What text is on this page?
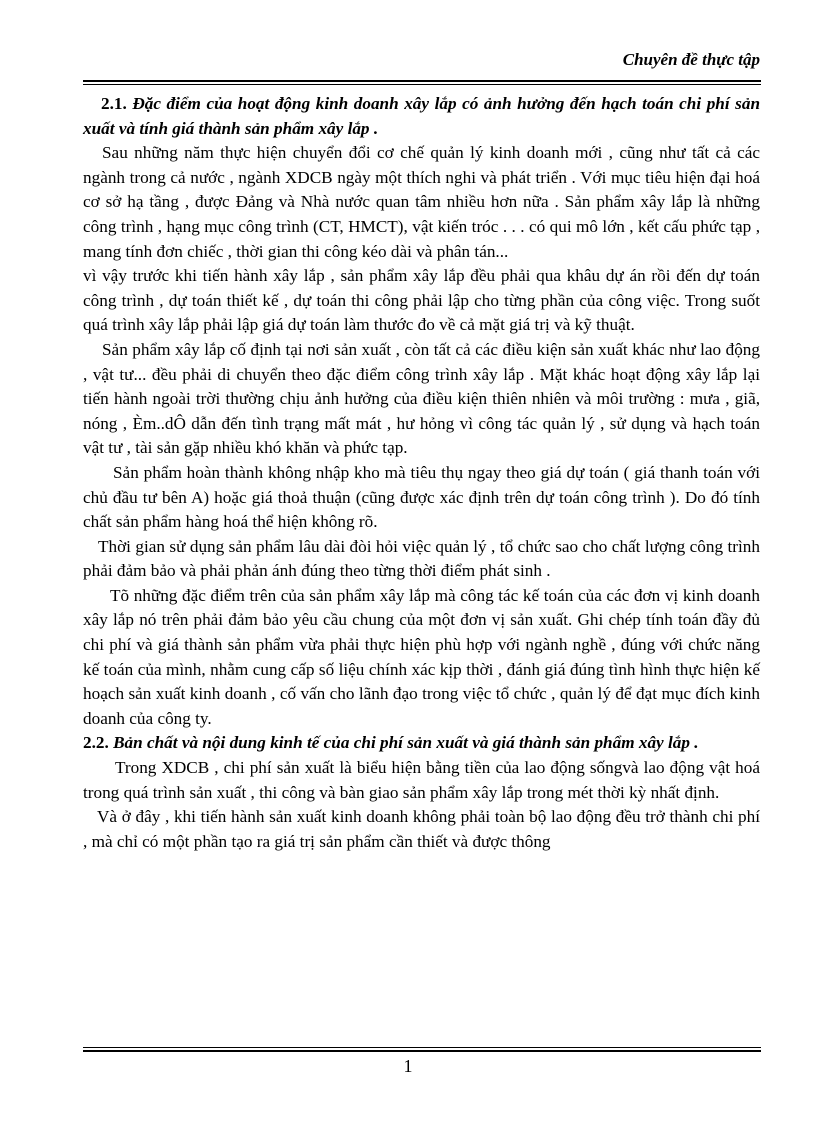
Chuyên đề thực tập

2.1. Đặc điểm của hoạt động kinh doanh xây lắp có ảnh hưởng đến hạch toán chi phí sản xuất và tính giá thành sản phẩm xây lắp .

Sau những năm thực hiện chuyển đổi cơ chế quản lý kinh doanh mới , cũng như tất cả các ngành trong cả nước , ngành XDCB ngày một thích nghi và phát triển . Với mục tiêu hiện đại hoá cơ sở hạ tầng , được Đảng và Nhà nước quan tâm nhiều hơn nữa . Sản phẩm xây lắp là những công trình , hạng mục công trình (CT, HMCT), vật kiến tróc . . . có qui mô lớn , kết cấu phức tạp , mang tính đơn chiếc , thời gian thi công kéo dài và phân tán...

vì vậy trước khi tiến hành xây lắp , sản phẩm xây lắp đều phải qua khâu dự án rồi đến dự toán công trình , dự toán thiết kế , dự toán thi công phải lập cho từng phần của công việc. Trong suốt quá trình xây lắp phải lập giá dự toán làm thước đo về cả mặt giá trị và kỹ thuật.

Sản phẩm xây lắp cố định tại nơi sản xuất , còn tất cả các điều kiện sản xuất khác như lao động , vật tư... đều phải di chuyển theo đặc điểm công trình xây lắp . Mặt khác hoạt động xây lắp lại tiến hành ngoài trời thường chịu ảnh hưởng của điều kiện thiên nhiên và môi trường : mưa , giã, nóng , Èm..dÔ dẫn đến tình trạng mất mát , hư hỏng vì công tác quản lý , sử dụng và hạch toán vật tư , tài sản gặp nhiều khó khăn và phức tạp.

Sản phẩm hoàn thành không nhập kho mà tiêu thụ ngay theo giá dự toán ( giá thanh toán với chủ đầu tư bên A) hoặc giá thoả thuận (cũng được xác định trên dự toán công trình ). Do đó tính chất sản phẩm hàng hoá thể hiện không rõ.

Thời gian sử dụng sản phẩm lâu dài đòi hỏi việc quản lý , tổ chức sao cho chất lượng công trình phải đảm bảo và phải phản ánh đúng theo từng thời điểm phát sinh .

Tõ những đặc điểm trên của sản phẩm xây lắp mà công tác kế toán của các đơn vị kinh doanh xây lắp nó trên phải đảm bảo yêu cầu chung của một đơn vị sản xuất. Ghi chép tính toán đầy đủ chi phí và giá thành sản phẩm vừa phải thực hiện phù hợp với ngành nghề , đúng với chức năng kế toán của mình, nhằm cung cấp số liệu chính xác kịp thời , đánh giá đúng tình hình thực hiện kế hoạch sản xuất kinh doanh , cố vấn cho lãnh đạo trong việc tổ chức , quản lý để đạt mục đích kinh doanh của công ty.

2.2. Bản chất và nội dung kinh tế của chi phí sản xuất và giá thành sản phẩm xây lắp .

Trong XDCB , chi phí sản xuất là biểu hiện bằng tiền của lao động sốngvà lao động vật hoá trong quá trình sản xuất , thi công và bàn giao sản phẩm xây lắp trong mét thời kỳ nhất định.

Và ở đây , khi tiến hành sản xuất kinh doanh không phải toàn bộ lao động đều trở thành chi phí , mà chỉ có một phần tạo ra giá trị sản phẩm cần thiết và được thông

1
